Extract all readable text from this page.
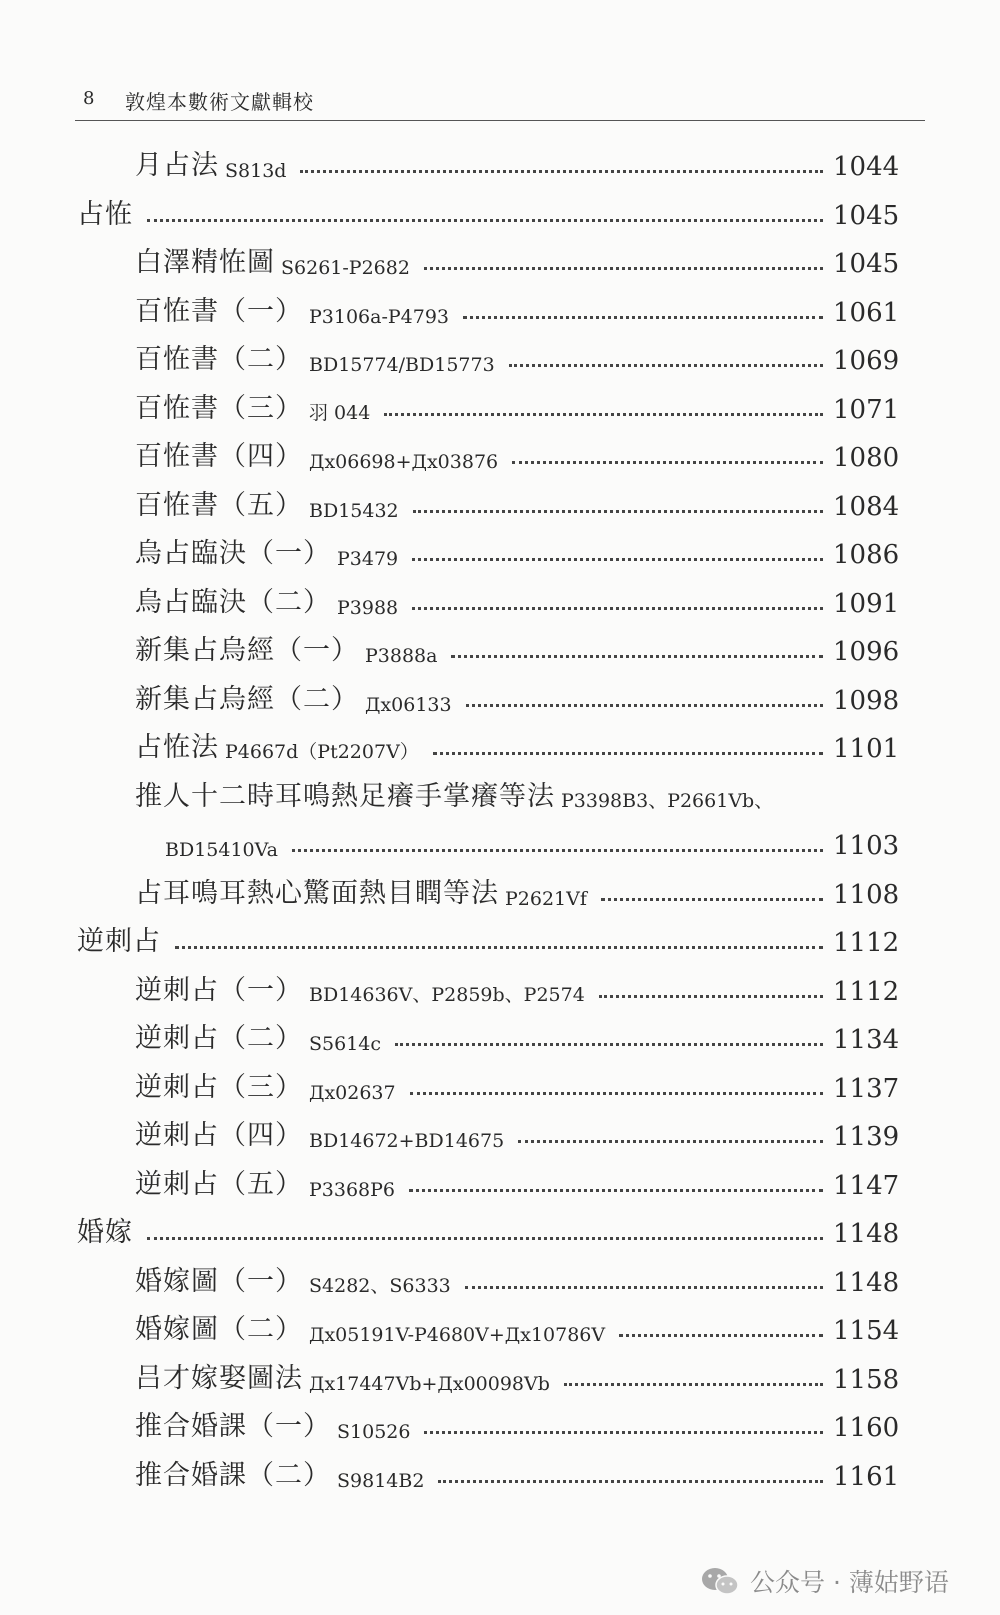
8 敦煌本數術文獻輯校
月占法 S813d	1044
占恠	1045
白澤精恠圖 S6261-P2682	1045
百恠書（一） P3106a-P4793	1061
百恠書（二） BD15774/BD15773	1069
百恠書（三） 羽 044	1071
百恠書（四） Дx06698+Дx03876	1080
百恠書（五） BD15432	1084
烏占臨決（一） P3479	1086
烏占臨決（二） P3988	1091
新集占烏經（一） P3888a	1096
新集占烏經（二） Дx06133	1098
占恠法 P4667d（Pt2207V）	1101
推人十二時耳鳴熱足癢手掌癢等法 P3398B3、P2661Vb、
BD15410Va	1103
占耳鳴耳熱心驚面熱目瞤等法 P2621Vf	1108
逆刺占	1112
逆刺占（一） BD14636V、P2859b、P2574	1112
逆刺占（二） S5614c	1134
逆刺占（三） Дx02637	1137
逆刺占（四） BD14672+BD14675	1139
逆刺占（五） P3368P6	1147
婚嫁	1148
婚嫁圖（一） S4282、S6333	1148
婚嫁圖（二） Дx05191V-P4680V+Дx10786V	1154
吕才嫁娶圖法 Дx17447Vb+Дx00098Vb	1158
推合婚課（一） S10526	1160
推合婚課（二） S9814B2	1161
公众号 · 薄姑野语
